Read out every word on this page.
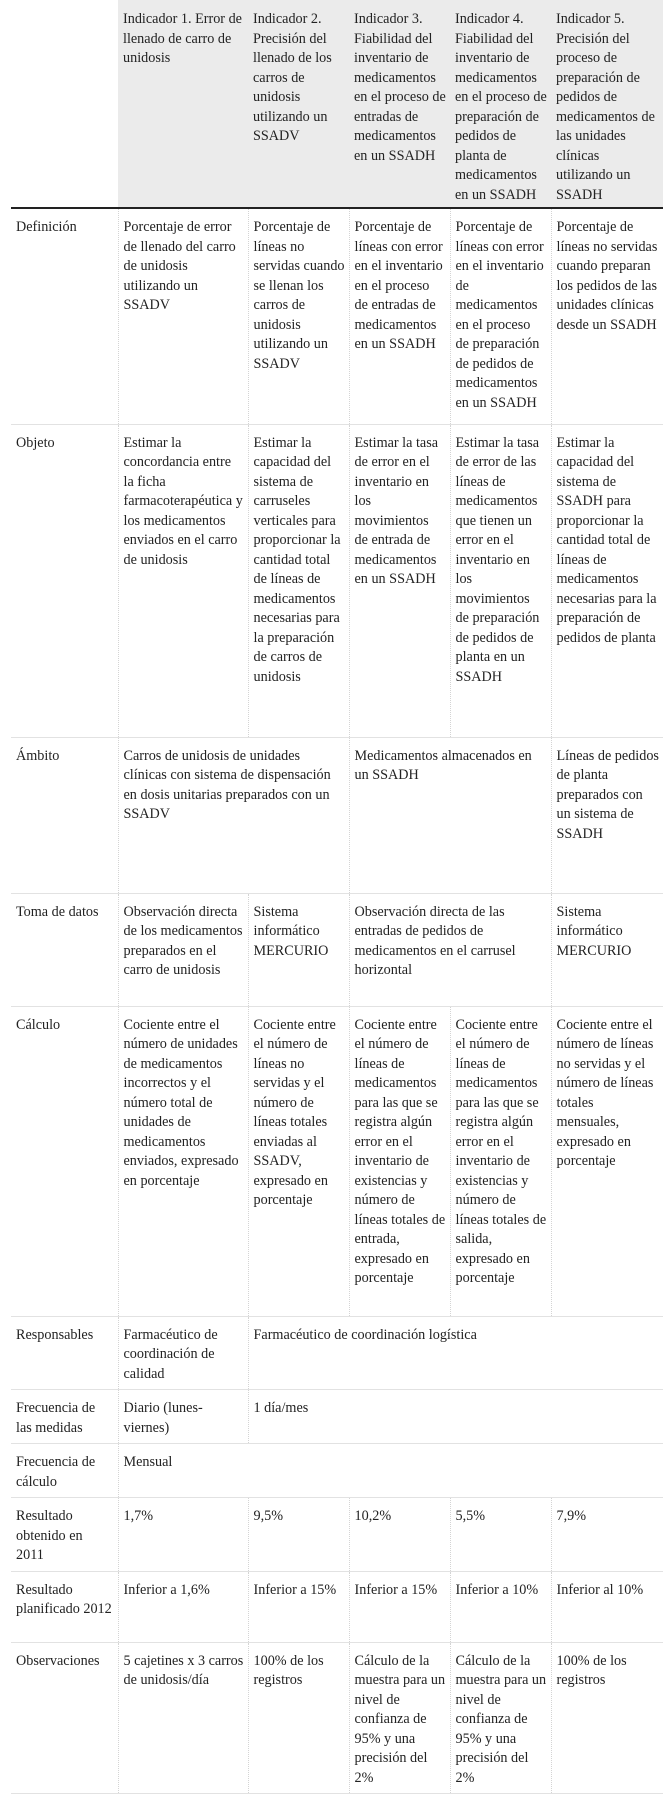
	Indicador 1. Error de llenado de carro de unidosis	Indicador 2. Precisión del llenado de los carros de unidosis utilizando un SSADV	Indicador 3. Fiabilidad del inventario de medicamentos en el proceso de entradas de medicamentos en un SSADH	Indicador 4. Fiabilidad del inventario de medicamentos en el proceso de preparación de pedidos de planta de medicamentos en un SSADH	Indicador 5. Precisión del proceso de preparación de pedidos de medicamentos de las unidades clínicas utilizando un SSADH
Definición	Porcentaje de error de llenado del carro de unidosis utilizando un SSADV	Porcentaje de líneas no servidas cuando se llenan los carros de unidosis utilizando un SSADV	Porcentaje de líneas con error en el inventario en el proceso de entradas de medicamentos en un SSADH	Porcentaje de líneas con error en el inventario de medicamentos en el proceso de preparación de pedidos de medicamentos en un SSADH	Porcentaje de líneas no servidas cuando preparan los pedidos de las unidades clínicas desde un SSADH
Objeto	Estimar la concordancia entre la ficha farmacoterapéutica y los medicamentos enviados en el carro de unidosis	Estimar la capacidad del sistema de carruseles verticales para proporcionar la cantidad total de líneas de medicamentos necesarias para la preparación de carros de unidosis	Estimar la tasa de error en el inventario en los movimientos de entrada de medicamentos en un SSADH	Estimar la tasa de error de las líneas de medicamentos que tienen un error en el inventario en los movimientos de preparación de pedidos de planta en un SSADH	Estimar la capacidad del sistema de SSADH para proporcionar la cantidad total de líneas de medicamentos necesarias para la preparación de pedidos de planta
Ámbito	Carros de unidosis de unidades clínicas con sistema de dispensación en dosis unitarias preparados con un SSADV		Medicamentos almacenados en un SSADH		Líneas de pedidos de planta preparados con un sistema de SSADH
Toma de datos	Observación directa de los medicamentos preparados en el carro de unidosis	Sistema informático MERCURIO	Observación directa de las entradas de pedidos de medicamentos en el carrusel horizontal		Sistema informático MERCURIO
Cálculo	Cociente entre el número de unidades de medicamentos incorrectos y el número total de unidades de medicamentos enviados, expresado en porcentaje	Cociente entre el número de líneas no servidas y el número de líneas totales enviadas al SSADV, expresado en porcentaje	Cociente entre el número de líneas de medicamentos para las que se registra algún error en el inventario de existencias y número de líneas totales de entrada, expresado en porcentaje	Cociente entre el número de líneas de medicamentos para las que se registra algún error en el inventario de existencias y número de líneas totales de salida, expresado en porcentaje	Cociente entre el número de líneas no servidas y el número de líneas totales mensuales, expresado en porcentaje
Responsables	Farmacéutico de coordinación de calidad	Farmacéutico de coordinación logística			
Frecuencia de las medidas	Diario (lunes-viernes)	1 día/mes			
Frecuencia de cálculo	Mensual				
Resultado obtenido en 2011	1,7%	9,5%	10,2%	5,5%	7,9%
Resultado planificado 2012	Inferior a 1,6%	Inferior a 15%	Inferior a 15%	Inferior a 10%	Inferior al 10%
Observaciones	5 cajetines x 3 carros de unidosis/día	100% de los registros	Cálculo de la muestra para un nivel de confianza de 95% y una precisión del 2%	Cálculo de la muestra para un nivel de confianza de 95% y una precisión del 2%	100% de los registros
